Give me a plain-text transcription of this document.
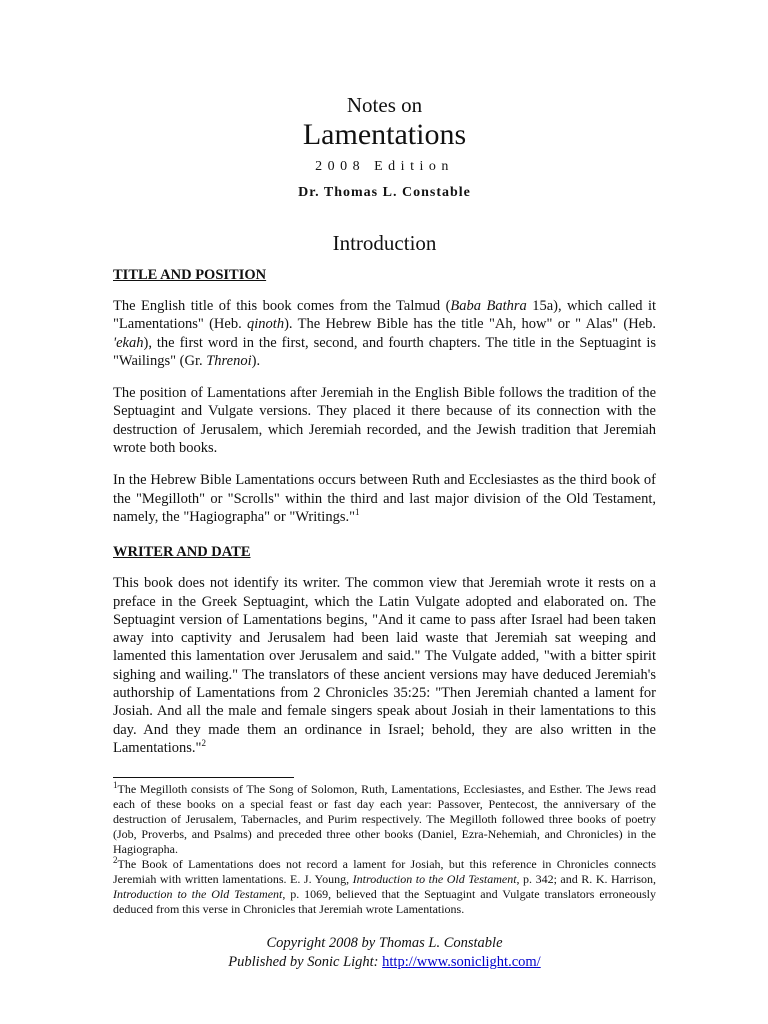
Notes on
Lamentations
2008 Edition
Dr. Thomas L. Constable
Introduction
TITLE AND POSITION

The English title of this book comes from the Talmud (Baba Bathra 15a), which called it "Lamentations" (Heb. qinoth). The Hebrew Bible has the title "Ah, how" or " Alas" (Heb. 'ekah), the first word in the first, second, and fourth chapters. The title in the Septuagint is "Wailings" (Gr. Threnoi).

The position of Lamentations after Jeremiah in the English Bible follows the tradition of the Septuagint and Vulgate versions. They placed it there because of its connection with the destruction of Jerusalem, which Jeremiah recorded, and the Jewish tradition that Jeremiah wrote both books.

In the Hebrew Bible Lamentations occurs between Ruth and Ecclesiastes as the third book of the "Megilloth" or "Scrolls" within the third and last major division of the Old Testament, namely, the "Hagiographa" or "Writings."$^1$

WRITER AND DATE

This book does not identify its writer. The common view that Jeremiah wrote it rests on a preface in the Greek Septuagint, which the Latin Vulgate adopted and elaborated on. The Septuagint version of Lamentations begins, "And it came to pass after Israel had been taken away into captivity and Jerusalem had been laid waste that Jeremiah sat weeping and lamented this lamentation over Jerusalem and said." The Vulgate added, "with a bitter spirit sighing and wailing." The translators of these ancient versions may have deduced Jeremiah's authorship of Lamentations from 2 Chronicles 35:25: "Then Jeremiah chanted a lament for Josiah. And all the male and female singers speak about Josiah in their lamentations to this day. And they made them an ordinance in Israel; behold, they are also written in the Lamentations."$^2$

$^1$The Megilloth consists of The Song of Solomon, Ruth, Lamentations, Ecclesiastes, and Esther. The Jews read each of these books on a special feast or fast day each year: Passover, Pentecost, the anniversary of the destruction of Jerusalem, Tabernacles, and Purim respectively. The Megilloth followed three books of poetry (Job, Proverbs, and Psalms) and preceded three other books (Daniel, Ezra-Nehemiah, and Chronicles) in the Hagiographa.
$^2$The Book of Lamentations does not record a lament for Josiah, but this reference in Chronicles connects Jeremiah with written lamentations. E. J. Young, Introduction to the Old Testament, p. 342; and R. K. Harrison, Introduction to the Old Testament, p. 1069, believed that the Septuagint and Vulgate translators erroneously deduced from this verse in Chronicles that Jeremiah wrote Lamentations.
Copyright 2008 by Thomas L. Constable
Published by Sonic Light: http://www.soniclight.com/
